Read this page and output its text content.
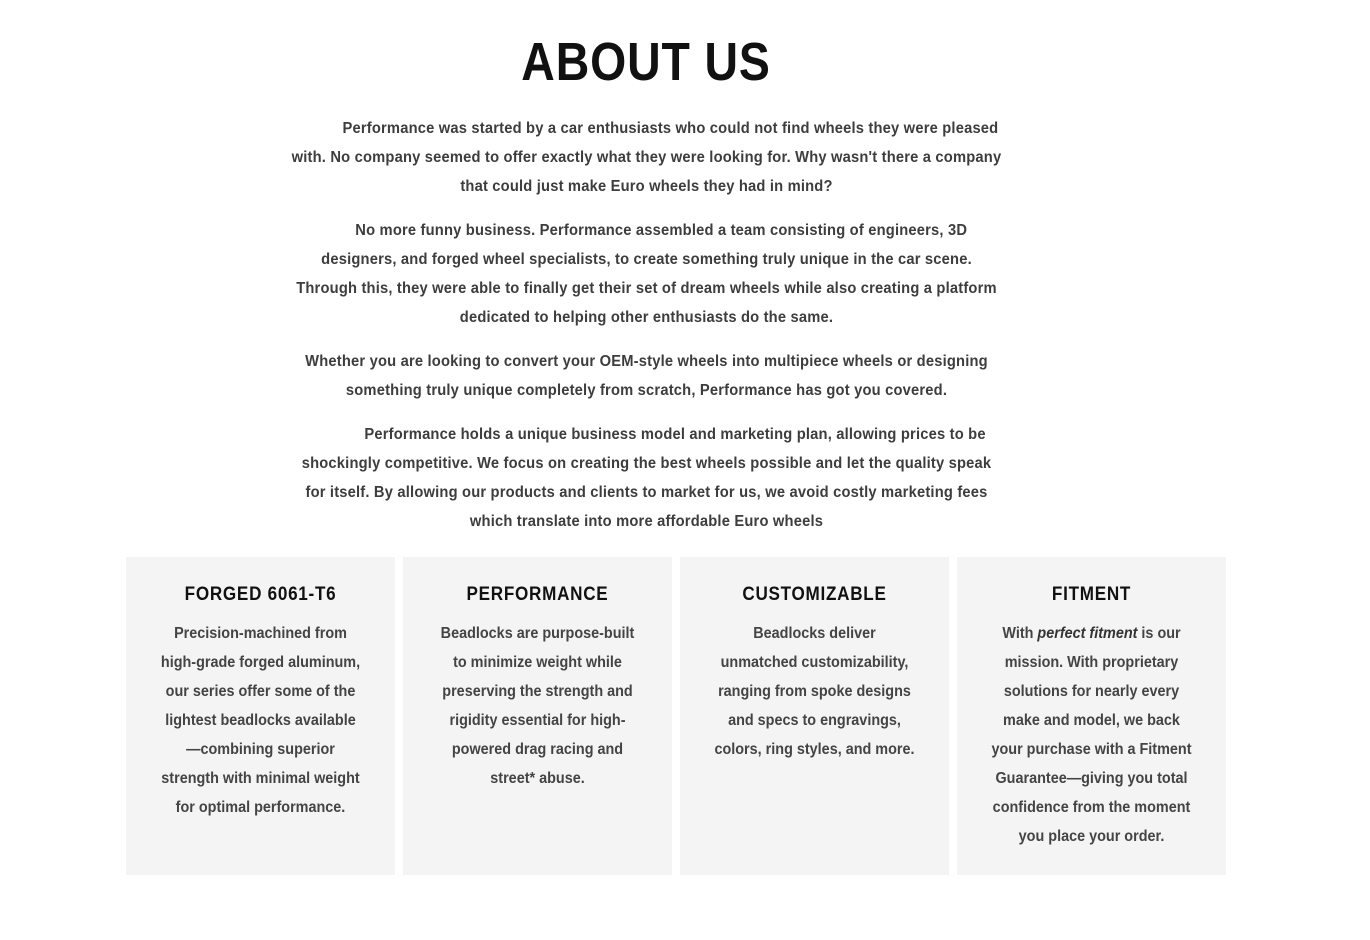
ABOUT US

Performance was started by a car enthusiasts who could not find wheels they were pleased with. No company seemed to offer exactly what they were looking for. Why wasn't there a company that could just make Euro wheels they had in mind?

No more funny business. Performance assembled a team consisting of engineers, 3D designers, and forged wheel specialists, to create something truly unique in the car scene. Through this, they were able to finally get their set of dream wheels while also creating a platform dedicated to helping other enthusiasts do the same.

Whether you are looking to convert your OEM-style wheels into multipiece wheels or designing something truly unique completely from scratch, Performance has got you covered.

Performance holds a unique business model and marketing plan, allowing prices to be shockingly competitive. We focus on creating the best wheels possible and let the quality speak for itself. By allowing our products and clients to market for us, we avoid costly marketing fees which translate into more affordable Euro wheels

FORGED 6061-T6

Precision-machined from high-grade forged aluminum, our series offer some of the lightest beadlocks available—combining superior strength with minimal weight for optimal performance.

PERFORMANCE

Beadlocks are purpose-built to minimize weight while preserving the strength and rigidity essential for high-powered drag racing and street* abuse.

CUSTOMIZABLE

Beadlocks deliver unmatched customizability, ranging from spoke designs and specs to engravings, colors, ring styles, and more.

FITMENT

With perfect fitment is our mission. With proprietary solutions for nearly every make and model, we back your purchase with a Fitment Guarantee—giving you total confidence from the moment you place your order.
